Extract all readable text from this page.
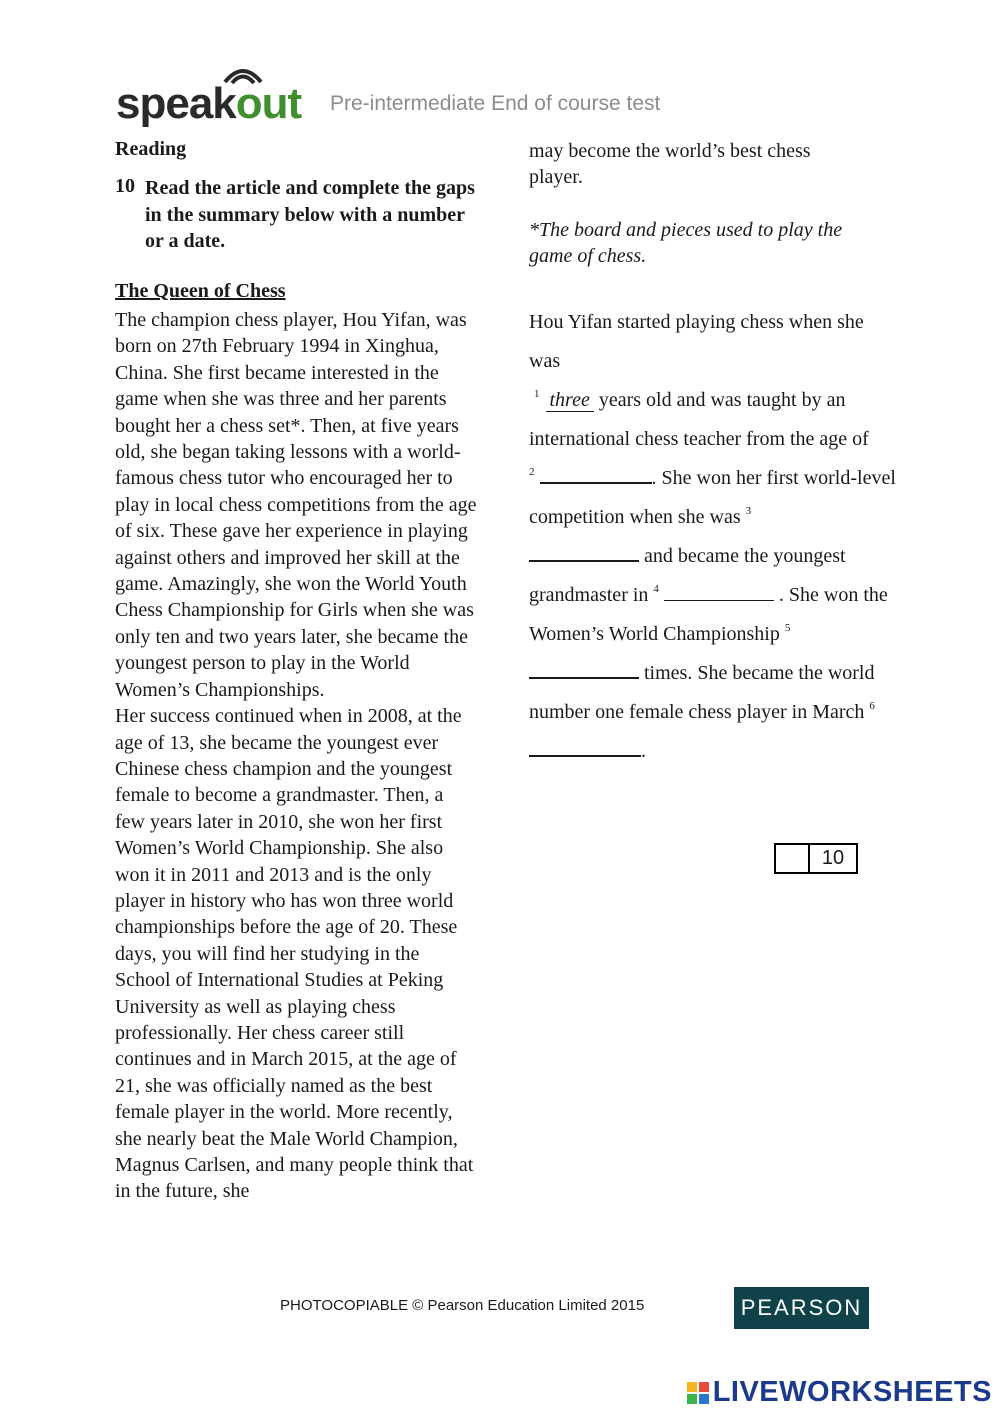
speakout Pre-intermediate End of course test
Reading
10 Read the article and complete the gaps in the summary below with a number or a date.
The Queen of Chess

The champion chess player, Hou Yifan, was born on 27th February 1994 in Xinghua, China. She first became interested in the game when she was three and her parents bought her a chess set*. Then, at five years old, she began taking lessons with a world-famous chess tutor who encouraged her to play in local chess competitions from the age of six. These gave her experience in playing against others and improved her skill at the game. Amazingly, she won the World Youth Chess Championship for Girls when she was only ten and two years later, she became the youngest person to play in the World Women’s Championships.

Her success continued when in 2008, at the age of 13, she became the youngest ever Chinese chess champion and the youngest female to become a grandmaster. Then, a few years later in 2010, she won her first Women’s World Championship. She also won it in 2011 and 2013 and is the only player in history who has won three world championships before the age of 20. These days, you will find her studying in the School of International Studies at Peking University as well as playing chess professionally. Her chess career still continues and in March 2015, at the age of 21, she was officially named as the best female player in the world. More recently, she nearly beat the Male World Champion, Magnus Carlsen, and many people think that in the future, she

may become the world’s best chess player.
*The board and pieces used to play the game of chess.
Hou Yifan started playing chess when she was
$^1$ three years old and was taught by an international chess teacher from the age of
$^2$	. She won her first world-level competition when she was $^3$
and became the youngest grandmaster in $^4$	. She won the Women’s World Championship $^5$
times. She became the world number one female chess player in March $^6$ .
10
PHOTOCOPIABLE © Pearson Education Limited 2015	PEARSON
LIVEWORKSHEETS
